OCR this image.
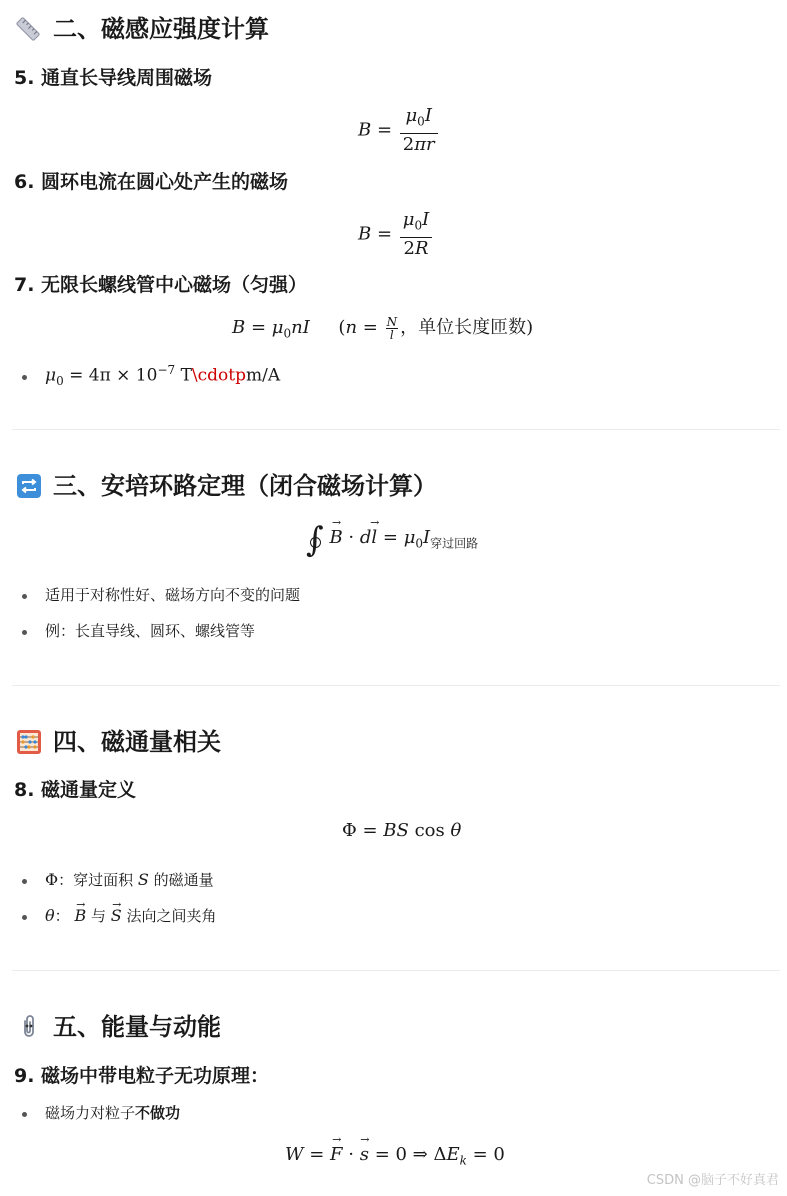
二、磁感应强度计算
5. 通直长导线周围磁场
$B = \frac{\mu_0I}{2\pi r}$
6. 圆环电流在圆心处产生的磁场
$B = \frac{\mu_0I}{2R}$
7. 无限长螺线管中心磁场（匀强）
$B = \mu_0nI$     ($n = \frac{N}{l}$ ，单位长度匝数)
$\mu_0 = 4\pi \times 10^{-7}$ T\cdotpm/A
三、安培环路定理（闭合磁场计算）
∫ → $B \cdot d\to l = \mu_0I_{穿过回路}$
适用于对称性好、磁场方向不变的问题
例：长直导线、圆环、螺线管等
四、磁通量相关
8. 磁通量定义
Φ = BS cos θ
Φ：穿过面积 S 的磁通量
θ： → B 与 → S 法向之间夹角
五、能量与动能
9. 磁场中带电粒子无功原理：
磁场力对粒子不做功
W = → F · → s = 0 ⇒ $\Delta E_k = 0$
CSDN @脑子不好真君
